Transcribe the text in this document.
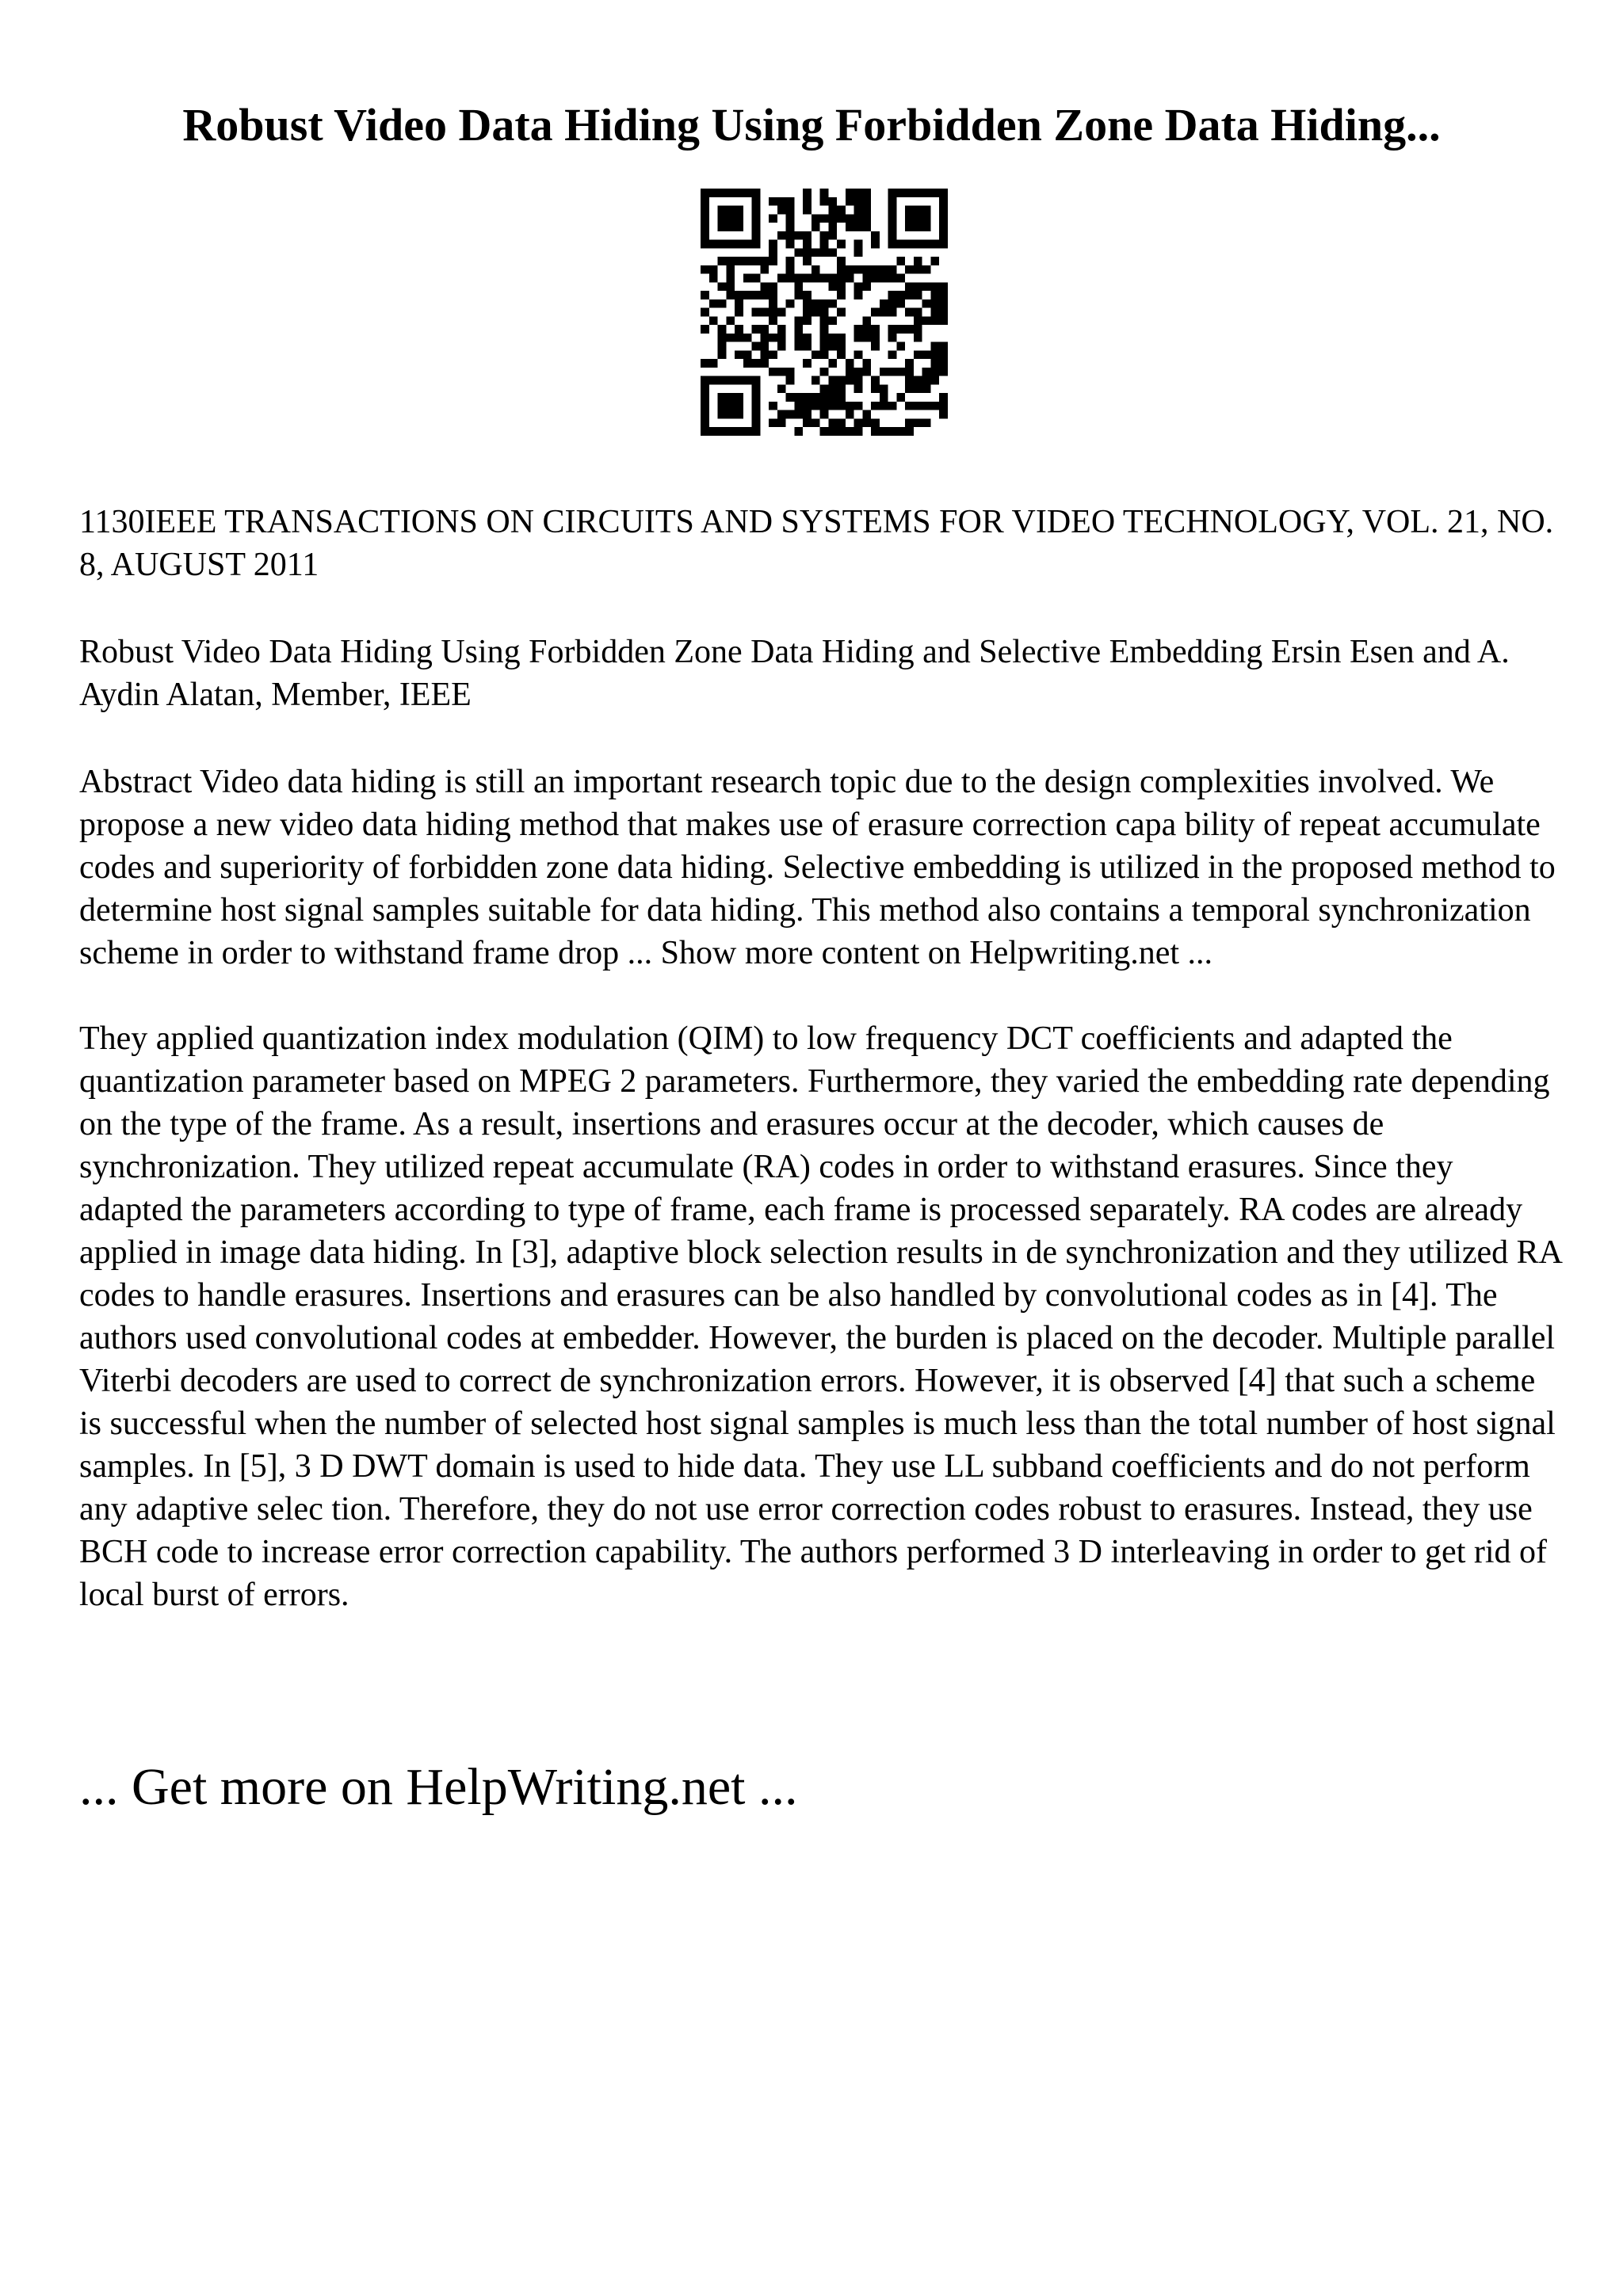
Robust Video Data Hiding Using Forbidden Zone Data Hiding...

1130IEEE TRANSACTIONS ON CIRCUITS AND SYSTEMS FOR VIDEO TECHNOLOGY, VOL. 21, NO. 8, AUGUST 2011

Robust Video Data Hiding Using Forbidden Zone Data Hiding and Selective Embedding Ersin Esen and A. Aydin Alatan, Member, IEEE

Abstract Video data hiding is still an important research topic due to the design complexities involved. We propose a new video data hiding method that makes use of erasure correction capa bility of repeat accumulate codes and superiority of forbidden zone data hiding. Selective embedding is utilized in the proposed method to determine host signal samples suitable for data hiding. This method also contains a temporal synchronization scheme in order to withstand frame drop ... Show more content on Helpwriting.net ...

They applied quantization index modulation (QIM) to low frequency DCT coefficients and adapted the quantization parameter based on MPEG 2 parameters. Furthermore, they varied the embedding rate depending on the type of the frame. As a result, insertions and erasures occur at the decoder, which causes de synchronization. They utilized repeat accumulate (RA) codes in order to withstand erasures. Since they adapted the parameters according to type of frame, each frame is processed separately. RA codes are already applied in image data hiding. In [3], adaptive block selection results in de synchronization and they utilized RA codes to handle erasures. Insertions and erasures can be also handled by convolutional codes as in [4]. The authors used convolutional codes at embedder. However, the burden is placed on the decoder. Multiple parallel Viterbi decoders are used to correct de synchronization errors. However, it is observed [4] that such a scheme is successful when the number of selected host signal samples is much less than the total number of host signal samples. In [5], 3 D DWT domain is used to hide data. They use LL subband coefficients and do not perform any adaptive selec tion. Therefore, they do not use error correction codes robust to erasures. Instead, they use BCH code to increase error correction capability. The authors performed 3 D interleaving in order to get rid of local burst of errors.

... Get more on HelpWriting.net ...
